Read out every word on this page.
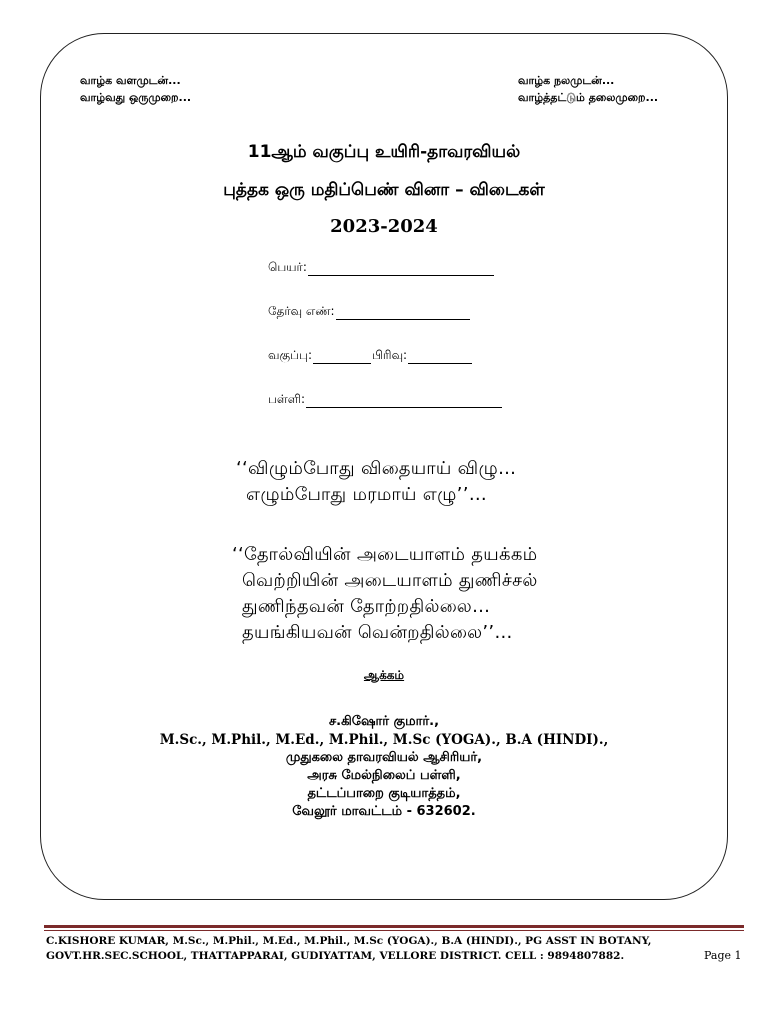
வாழ்க வளமுடன்...
வாழ்வது ஒருமுறை...
வாழ்க நலமுடன்...
வாழ்த்தட்டும் தலைமுறை...
11ஆம் வகுப்பு உயிரி-தாவரவியல்
புத்தக ஒரு மதிப்பெண் வினா – விடைகள்
2023-2024
பெயர்:
தேர்வு எண்:
வகுப்பு:	பிரிவு:
பள்ளி:
‘‘விழும்போது விதையாய் விழு…
எழும்போது மரமாய் எழு’’…
‘‘தோல்வியின் அடையாளம் தயக்கம்
வெற்றியின் அடையாளம் துணிச்சல்
துணிந்தவன் தோற்றதில்லை…
தயங்கியவன் வென்றதில்லை’’…
ஆக்கம்
ச.கிஷோர் குமார்.,
M.Sc., M.Phil., M.Ed., M.Phil., M.Sc (YOGA)., B.A (HINDI).,
முதுகலை தாவரவியல் ஆசிரியர்,
அரசு மேல்நிலைப் பள்ளி,
தட்டப்பாறை குடியாத்தம்,
வேலூர் மாவட்டம் - 632602.
C.KISHORE KUMAR, M.Sc., M.Phil., M.Ed., M.Phil., M.Sc (YOGA)., B.A (HINDI)., PG ASST IN BOTANY,
GOVT.HR.SEC.SCHOOL, THATTAPPARAI, GUDIYATTAM, VELLORE DISTRICT. CELL : 9894807882.	Page 1
